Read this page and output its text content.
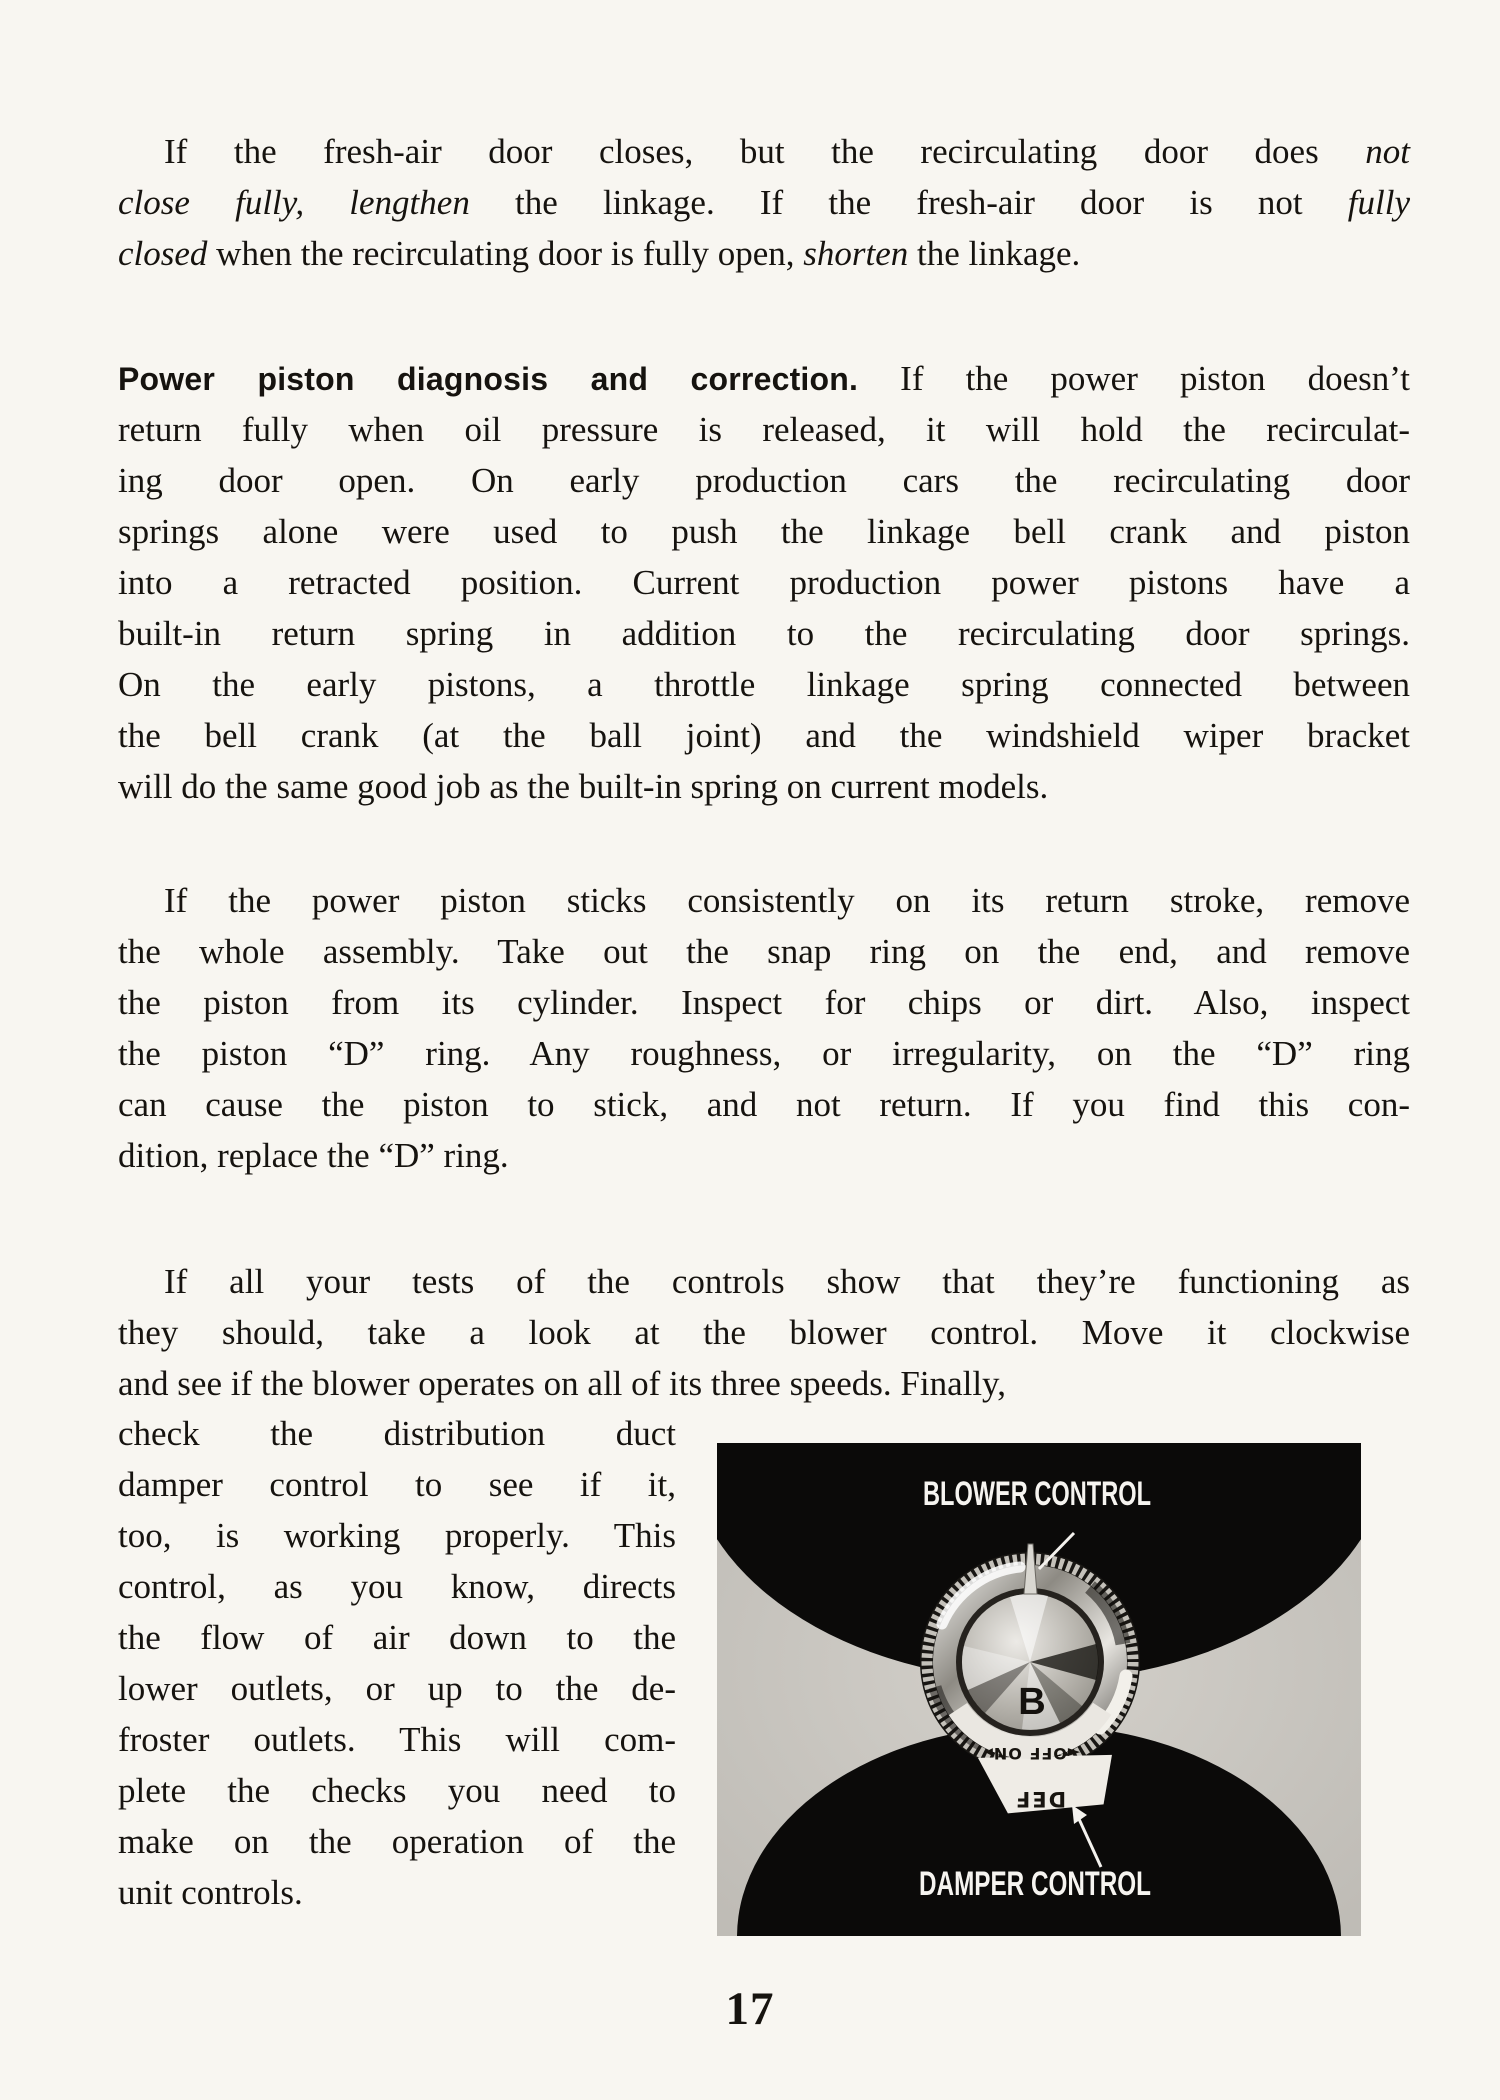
If the fresh-air door closes, but the recirculating door does not
close fully, lengthen the linkage. If the fresh-air door is not fully
closed when the recirculating door is fully open, shorten the linkage.
Power piston diagnosis and correction. If the power piston doesn’t
return fully when oil pressure is released, it will hold the recirculat-
ing door open. On early production cars the recirculating door
springs alone were used to push the linkage bell crank and piston
into a retracted position. Current production power pistons have a
built-in return spring in addition to the recirculating door springs.
On the early pistons, a throttle linkage spring connected between
the bell crank (at the ball joint) and the windshield wiper bracket
will do the same good job as the built-in spring on current models.
If the power piston sticks consistently on its return stroke, remove
the whole assembly. Take out the snap ring on the end, and remove
the piston from its cylinder. Inspect for chips or dirt. Also, inspect
the piston “D” ring. Any roughness, or irregularity, on the “D” ring
can cause the piston to stick, and not return. If you find this con-
dition, replace the “D” ring.
If all your tests of the controls show that they’re functioning as
they should, take a look at the blower control. Move it clockwise
and see if the blower operates on all of its three speeds. Finally,
check the distribution duct
damper control to see if it,
too, is working properly. This
control, as you know, directs
the flow of air down to the
lower outlets, or up to the de-
froster outlets. This will com-
plete the checks you need to
make on the operation of the
unit controls.
B
◄OFF ON▸
DEF
BLOWER CONTROL
DAMPER CONTROL
17
